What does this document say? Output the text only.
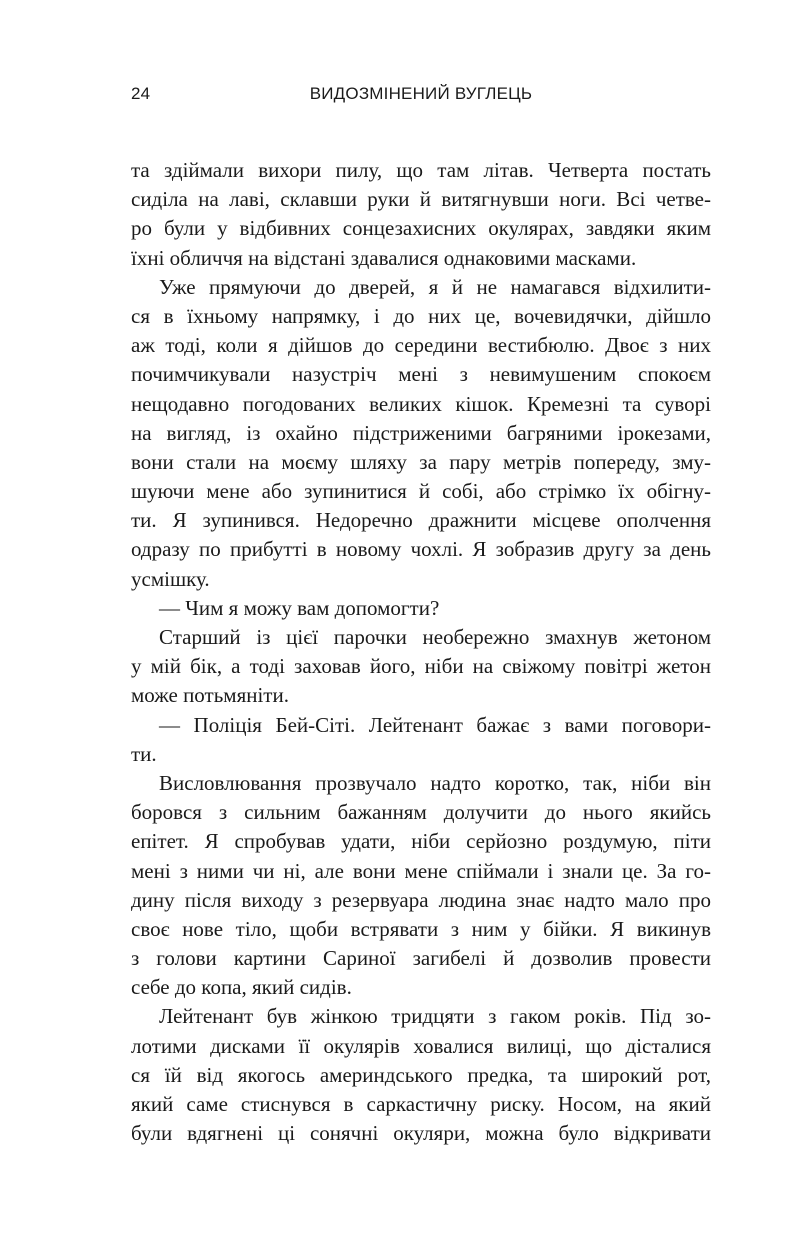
24	ВИДОЗМІНЕНИЙ ВУГЛЕЦЬ
та здіймали вихори пилу, що там літав. Четверта постать
сиділа на лаві, склавши руки й витягнувши ноги. Всі четве-
ро були у відбивних сонцезахисних окулярах, завдяки яким
їхні обличчя на відстані здавалися однаковими масками.
Уже прямуючи до дверей, я й не намагався відхилити-
ся в їхньому напрямку, і до них це, вочевидячки, дійшло
аж тоді, коли я дійшов до середини вестибюлю. Двоє з них
почимчикували назустріч мені з невимушеним спокоєм
нещодавно погодованих великих кішок. Кремезні та суворі
на вигляд, із охайно підстриженими багряними ірокезами,
вони стали на моєму шляху за пару метрів попереду, зму-
шуючи мене або зупинитися й собі, або стрімко їх обігну-
ти. Я зупинився. Недоречно дражнити місцеве ополчення
одразу по прибутті в новому чохлі. Я зобразив другу за день
усмішку.
— Чим я можу вам допомогти?
Старший із цієї парочки необережно змахнув жетоном
у мій бік, а тоді заховав його, ніби на свіжому повітрі жетон
може потьмяніти.
— Поліція Бей-Сіті. Лейтенант бажає з вами поговори-
ти.
Висловлювання прозвучало надто коротко, так, ніби він
боровся з сильним бажанням долучити до нього якийсь
епітет. Я спробував удати, ніби серйозно роздумую, піти
мені з ними чи ні, але вони мене спіймали і знали це. За го-
дину після виходу з резервуара людина знає надто мало про
своє нове тіло, щоби встрявати з ним у бійки. Я викинув
з голови картини Сариної загибелі й дозволив провести
себе до копа, який сидів.
Лейтенант був жінкою тридцяти з гаком років. Під зо-
лотими дисками її окулярів ховалися вилиці, що дісталися
ся їй від якогось америндського предка, та широкий рот,
який саме стиснувся в саркастичну риску. Носом, на який
були вдягнені ці сонячні окуляри, можна було відкривати
